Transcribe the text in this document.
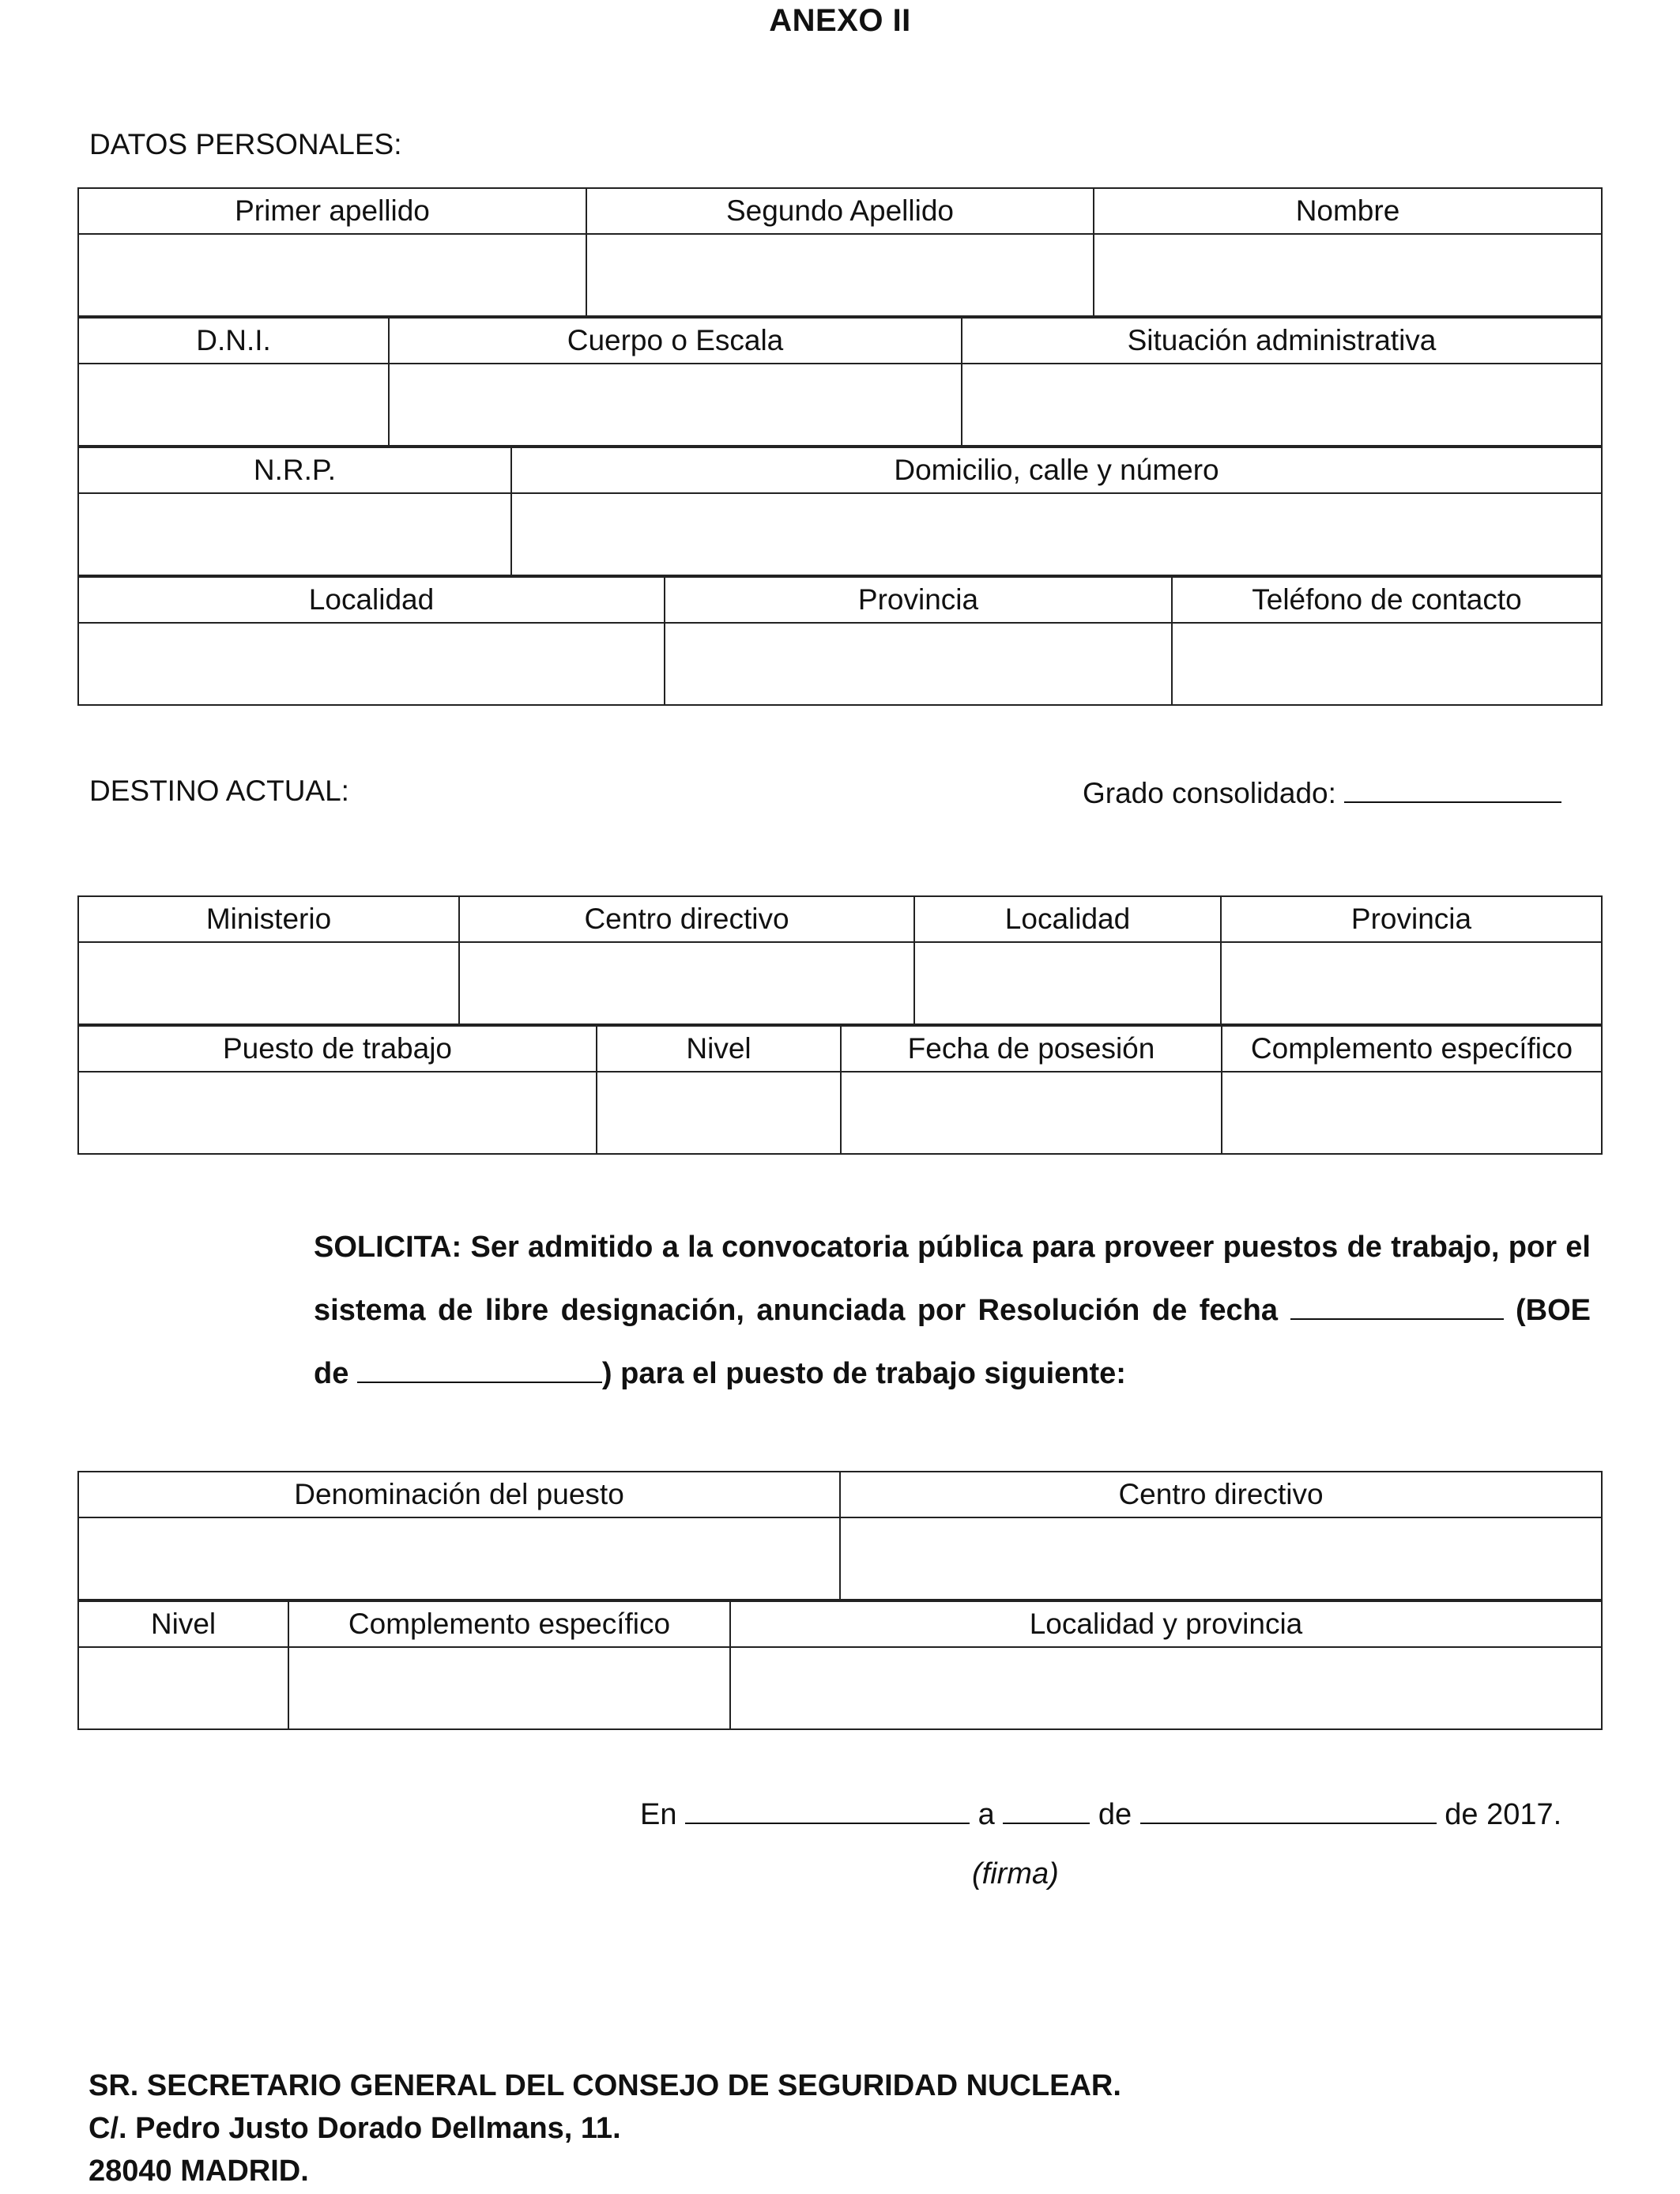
ANEXO II
DATOS PERSONALES:
Primer apellido	Segundo Apellido	Nombre

D.N.I.	Cuerpo o Escala	Situación administrativa

N.R.P.	Domicilio, calle y número

Localidad	Provincia	Teléfono de contacto

DESTINO ACTUAL:	Grado consolidado:
Ministerio	Centro directivo	Localidad	Provincia

Puesto de trabajo	Nivel	Fecha de posesión	Complemento específico

SOLICITA: Ser admitido a la convocatoria pública para proveer puestos de trabajo, por el sistema de libre designación, anunciada por Resolución de fecha	(BOE de	) para el puesto de trabajo siguiente:
Denominación del puesto	Centro directivo

Nivel	Complemento específico	Localidad y provincia

En	a	de	de 2017.
(firma)
SR. SECRETARIO GENERAL DEL CONSEJO DE SEGURIDAD NUCLEAR.
C/. Pedro Justo Dorado Dellmans, 11.
28040 MADRID.
